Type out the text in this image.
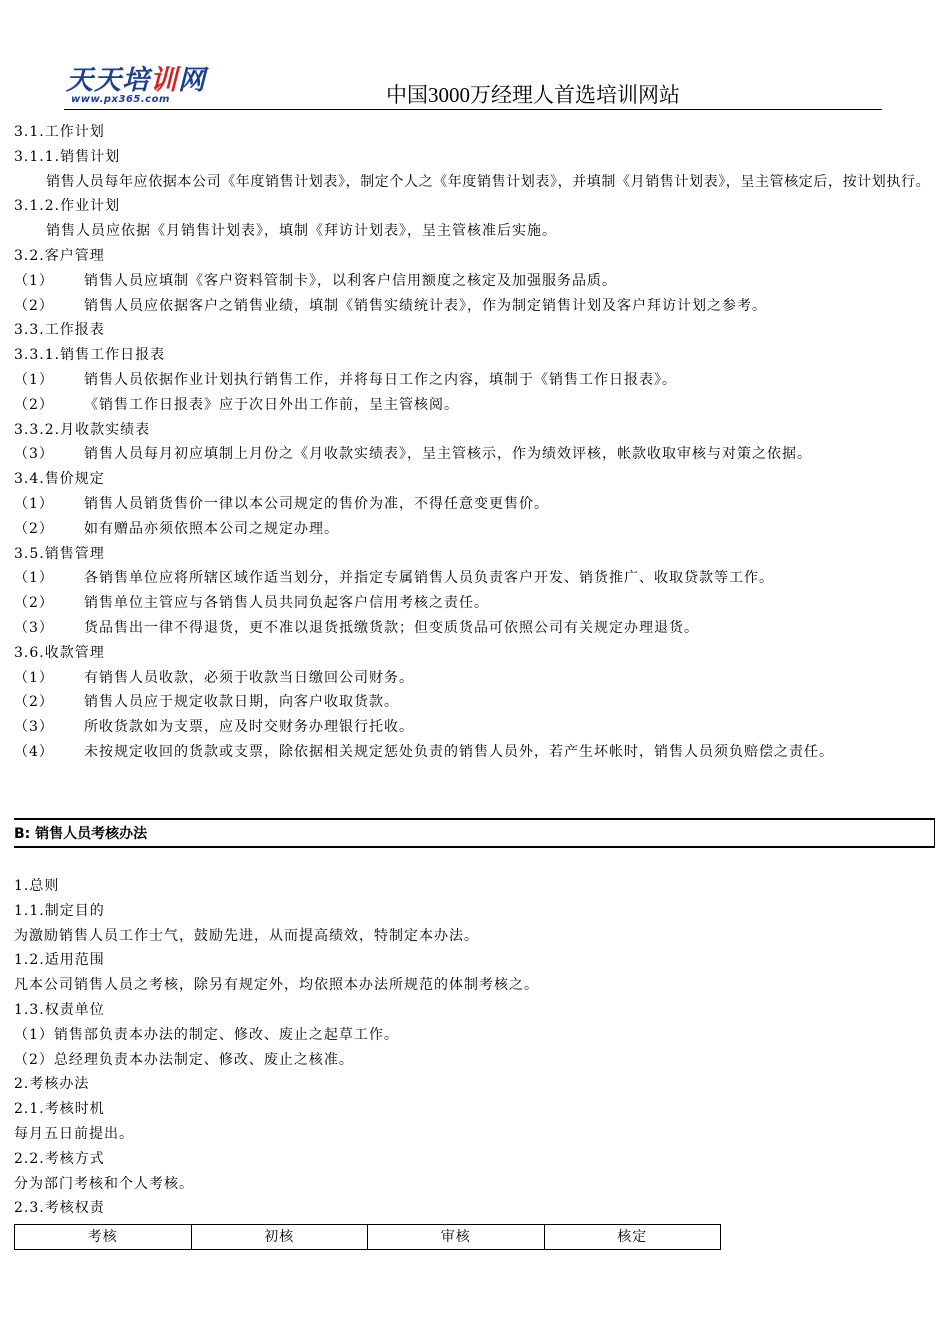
天天培训网
www.px365.com	中国3000万经理人首选培训网站
3.1.工作计划
3.1.1.销售计划
销售人员每年应依据本公司《年度销售计划表》，制定个人之《年度销售计划表》，并填制《月销售计划表》，呈主管核定后，按计划执行。
3.1.2.作业计划
销售人员应依据《月销售计划表》，填制《拜访计划表》，呈主管核准后实施。
3.2.客户管理
（1） 销售人员应填制《客户资料管制卡》，以利客户信用额度之核定及加强服务品质。
（2） 销售人员应依据客户之销售业绩，填制《销售实绩统计表》，作为制定销售计划及客户拜访计划之参考。
3.3.工作报表
3.3.1.销售工作日报表
（1） 销售人员依据作业计划执行销售工作，并将每日工作之内容，填制于《销售工作日报表》。
（2） 《销售工作日报表》应于次日外出工作前，呈主管核阅。
3.3.2.月收款实绩表
（3） 销售人员每月初应填制上月份之《月收款实绩表》，呈主管核示，作为绩效评核，帐款收取审核与对策之依据。
3.4.售价规定
（1） 销售人员销货售价一律以本公司规定的售价为准，不得任意变更售价。
（2） 如有赠品亦须依照本公司之规定办理。
3.5.销售管理
（1） 各销售单位应将所辖区域作适当划分，并指定专属销售人员负责客户开发、销货推广、收取贷款等工作。
（2） 销售单位主管应与各销售人员共同负起客户信用考核之责任。
（3） 货品售出一律不得退货，更不准以退货抵缴货款；但变质货品可依照公司有关规定办理退货。
3.6.收款管理
（1） 有销售人员收款，必须于收款当日缴回公司财务。
（2） 销售人员应于规定收款日期，向客户收取货款。
（3） 所收货款如为支票，应及时交财务办理银行托收。
（4） 未按规定收回的货款或支票，除依据相关规定惩处负责的销售人员外，若产生坏帐时，销售人员须负赔偿之责任。
B: 销售人员考核办法
1.总则
1.1.制定目的
为激励销售人员工作士气，鼓励先进，从而提高绩效，特制定本办法。
1.2.适用范围
凡本公司销售人员之考核，除另有规定外，均依照本办法所规范的体制考核之。
1.3.权责单位
（1）销售部负责本办法的制定、修改、废止之起草工作。
（2）总经理负责本办法制定、修改、废止之核准。
2.考核办法
2.1.考核时机
每月五日前提出。
2.2.考核方式
分为部门考核和个人考核。
2.3.考核权责
考核	初核	审核	核定
